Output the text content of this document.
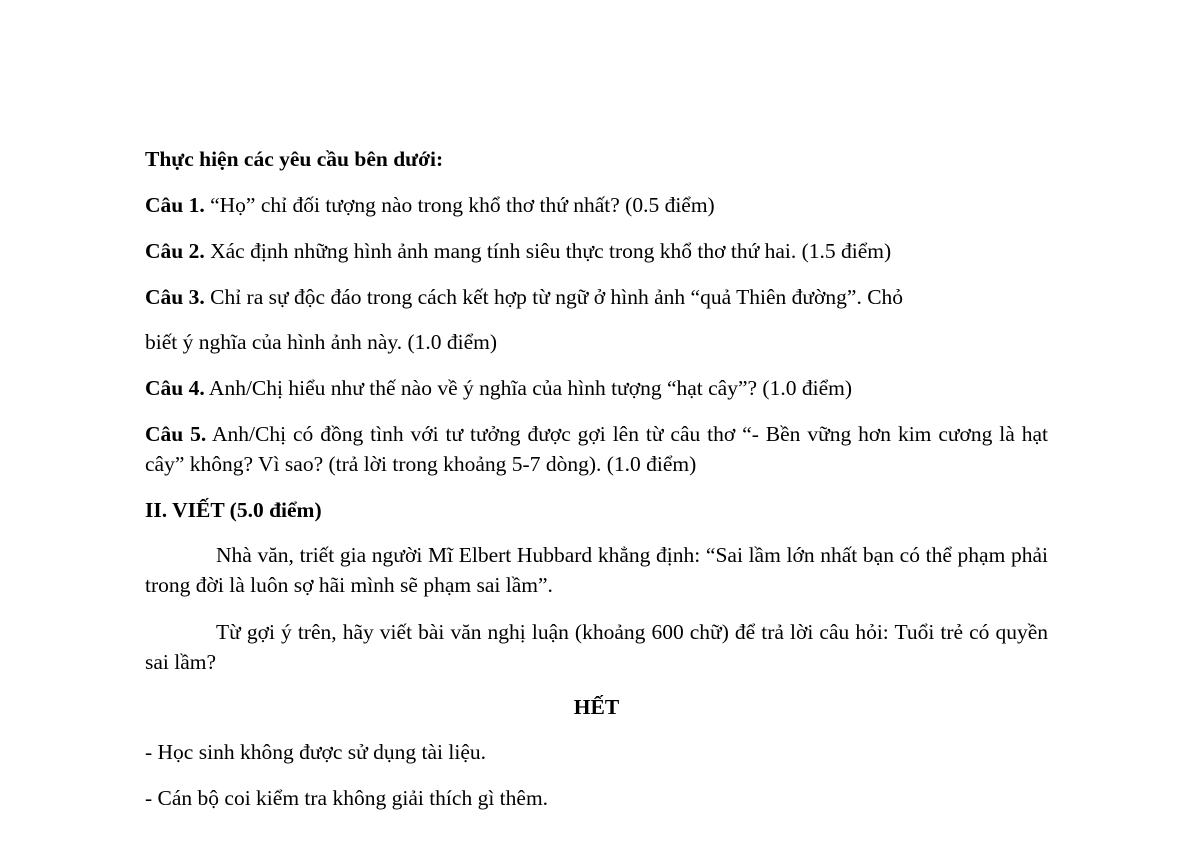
Thực hiện các yêu cầu bên dưới:
Câu 1. “Họ” chỉ đối tượng nào trong khổ thơ thứ nhất? (0.5 điểm)
Câu 2. Xác định những hình ảnh mang tính siêu thực trong khổ thơ thứ hai. (1.5 điểm)
Câu 3. Chỉ ra sự độc đáo trong cách kết hợp từ ngữ ở hình ảnh “quả Thiên đường”. Chỏ
biết ý nghĩa của hình ảnh này. (1.0 điểm)
Câu 4. Anh/Chị hiểu như thế nào về ý nghĩa của hình tượng “hạt cây”? (1.0 điểm)
Câu 5. Anh/Chị có đồng tình với tư tưởng được gợi lên từ câu thơ “- Bền vững hơn kim cương là hạt cây” không? Vì sao? (trả lời trong khoảng 5-7 dòng). (1.0 điểm)
II. VIẾT (5.0 điểm)
Nhà văn, triết gia người Mĩ Elbert Hubbard khẳng định: “Sai lầm lớn nhất bạn có thể phạm phải trong đời là luôn sợ hãi mình sẽ phạm sai lầm”.
Từ gợi ý trên, hãy viết bài văn nghị luận (khoảng 600 chữ) để trả lời câu hỏi: Tuổi trẻ có quyền sai lầm?
HẾT
- Học sinh không được sử dụng tài liệu.
- Cán bộ coi kiểm tra không giải thích gì thêm.
